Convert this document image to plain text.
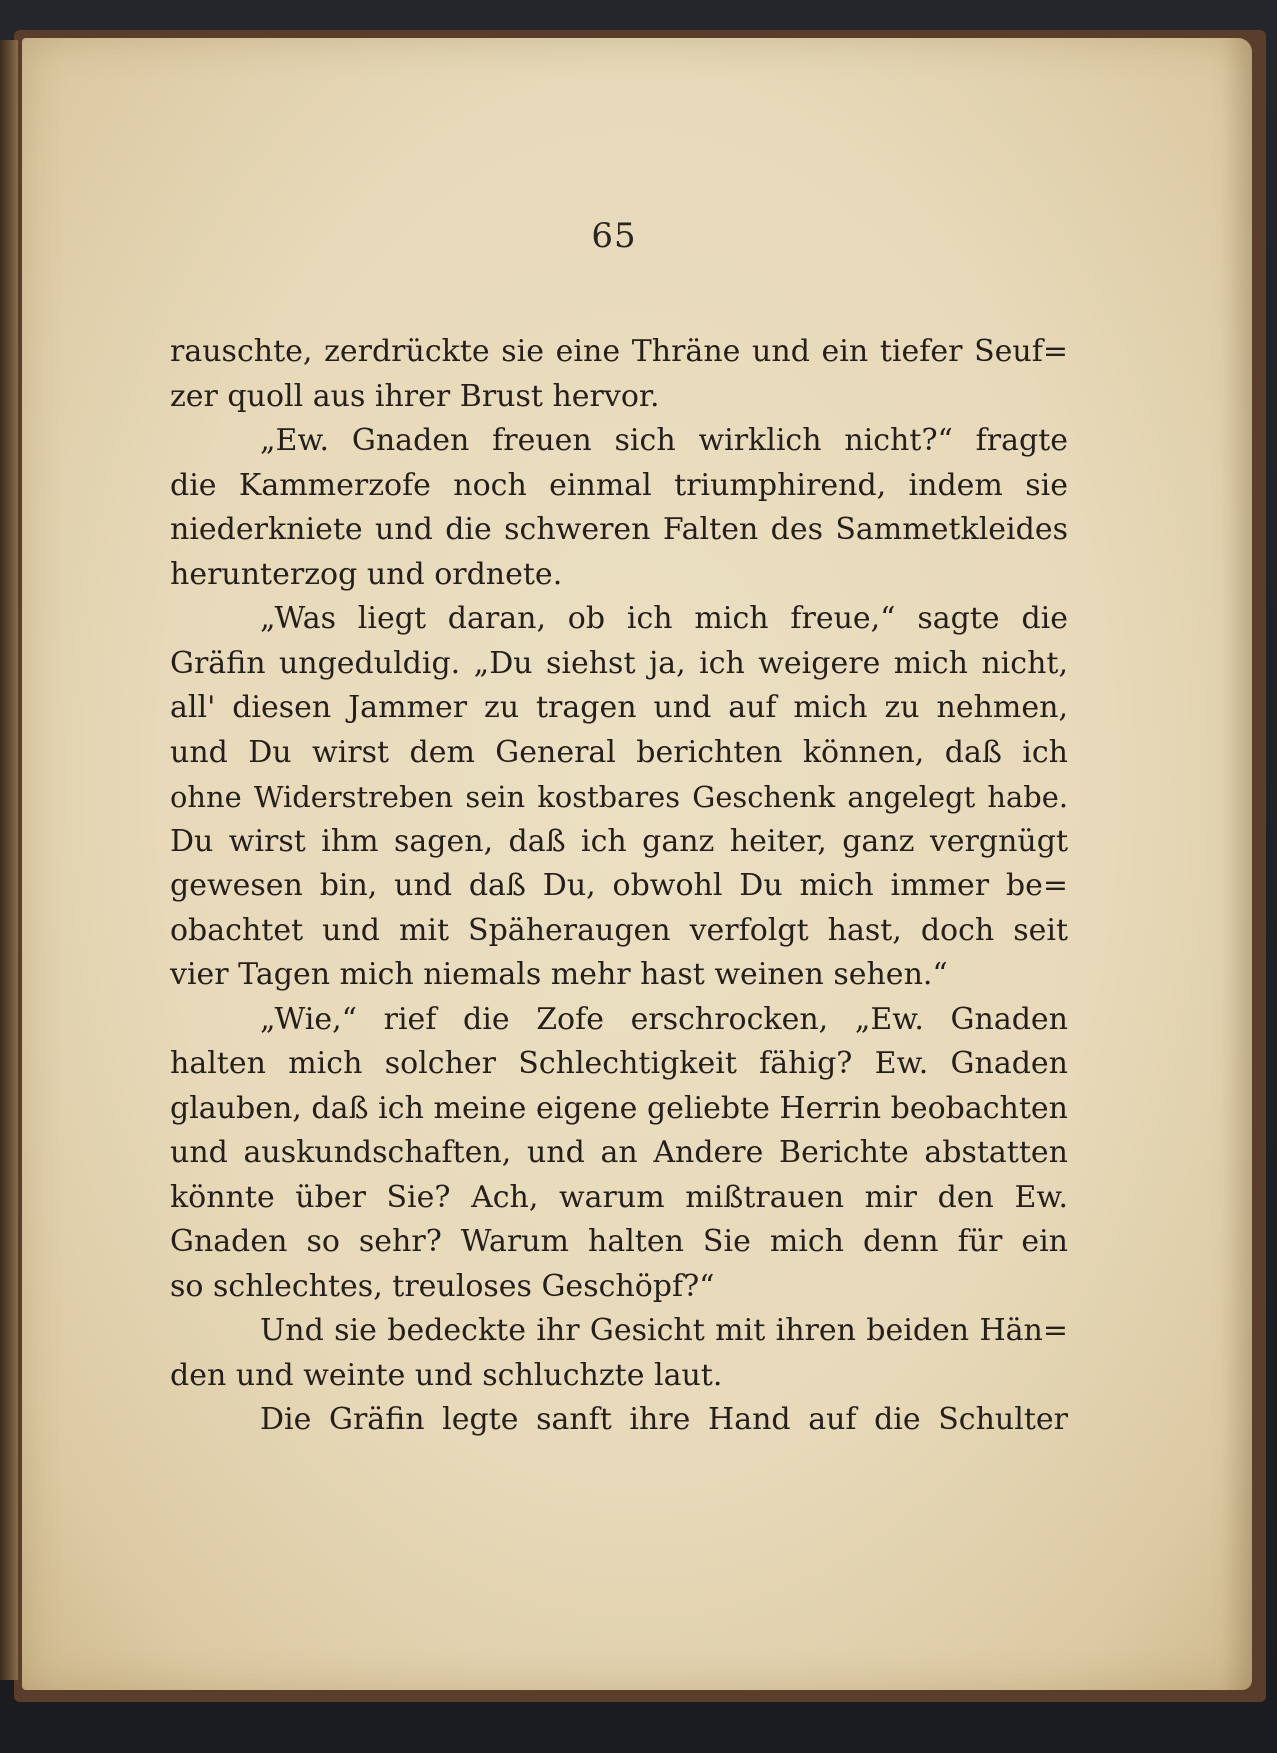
65
rauschte, zerdrückte sie eine Thräne und ein tiefer Seuf=
zer quoll aus ihrer Brust hervor.
„Ew. Gnaden freuen sich wirklich nicht?“ fragte
die Kammerzofe noch einmal triumphirend, indem sie
niederkniete und die schweren Falten des Sammetkleides
herunterzog und ordnete.
„Was liegt daran, ob ich mich freue,“ sagte die
Gräfin ungeduldig. „Du siehst ja, ich weigere mich nicht,
all' diesen Jammer zu tragen und auf mich zu nehmen,
und Du wirst dem General berichten können, daß ich
ohne Widerstreben sein kostbares Geschenk angelegt habe.
Du wirst ihm sagen, daß ich ganz heiter, ganz vergnügt
gewesen bin, und daß Du, obwohl Du mich immer be=
obachtet und mit Späheraugen verfolgt hast, doch seit
vier Tagen mich niemals mehr hast weinen sehen.“
„Wie,“ rief die Zofe erschrocken, „Ew. Gnaden
halten mich solcher Schlechtigkeit fähig? Ew. Gnaden
glauben, daß ich meine eigene geliebte Herrin beobachten
und auskundschaften, und an Andere Berichte abstatten
könnte über Sie? Ach, warum mißtrauen mir den Ew.
Gnaden so sehr? Warum halten Sie mich denn für ein
so schlechtes, treuloses Geschöpf?“
Und sie bedeckte ihr Gesicht mit ihren beiden Hän=
den und weinte und schluchzte laut.
Die Gräfin legte sanft ihre Hand auf die Schulter
